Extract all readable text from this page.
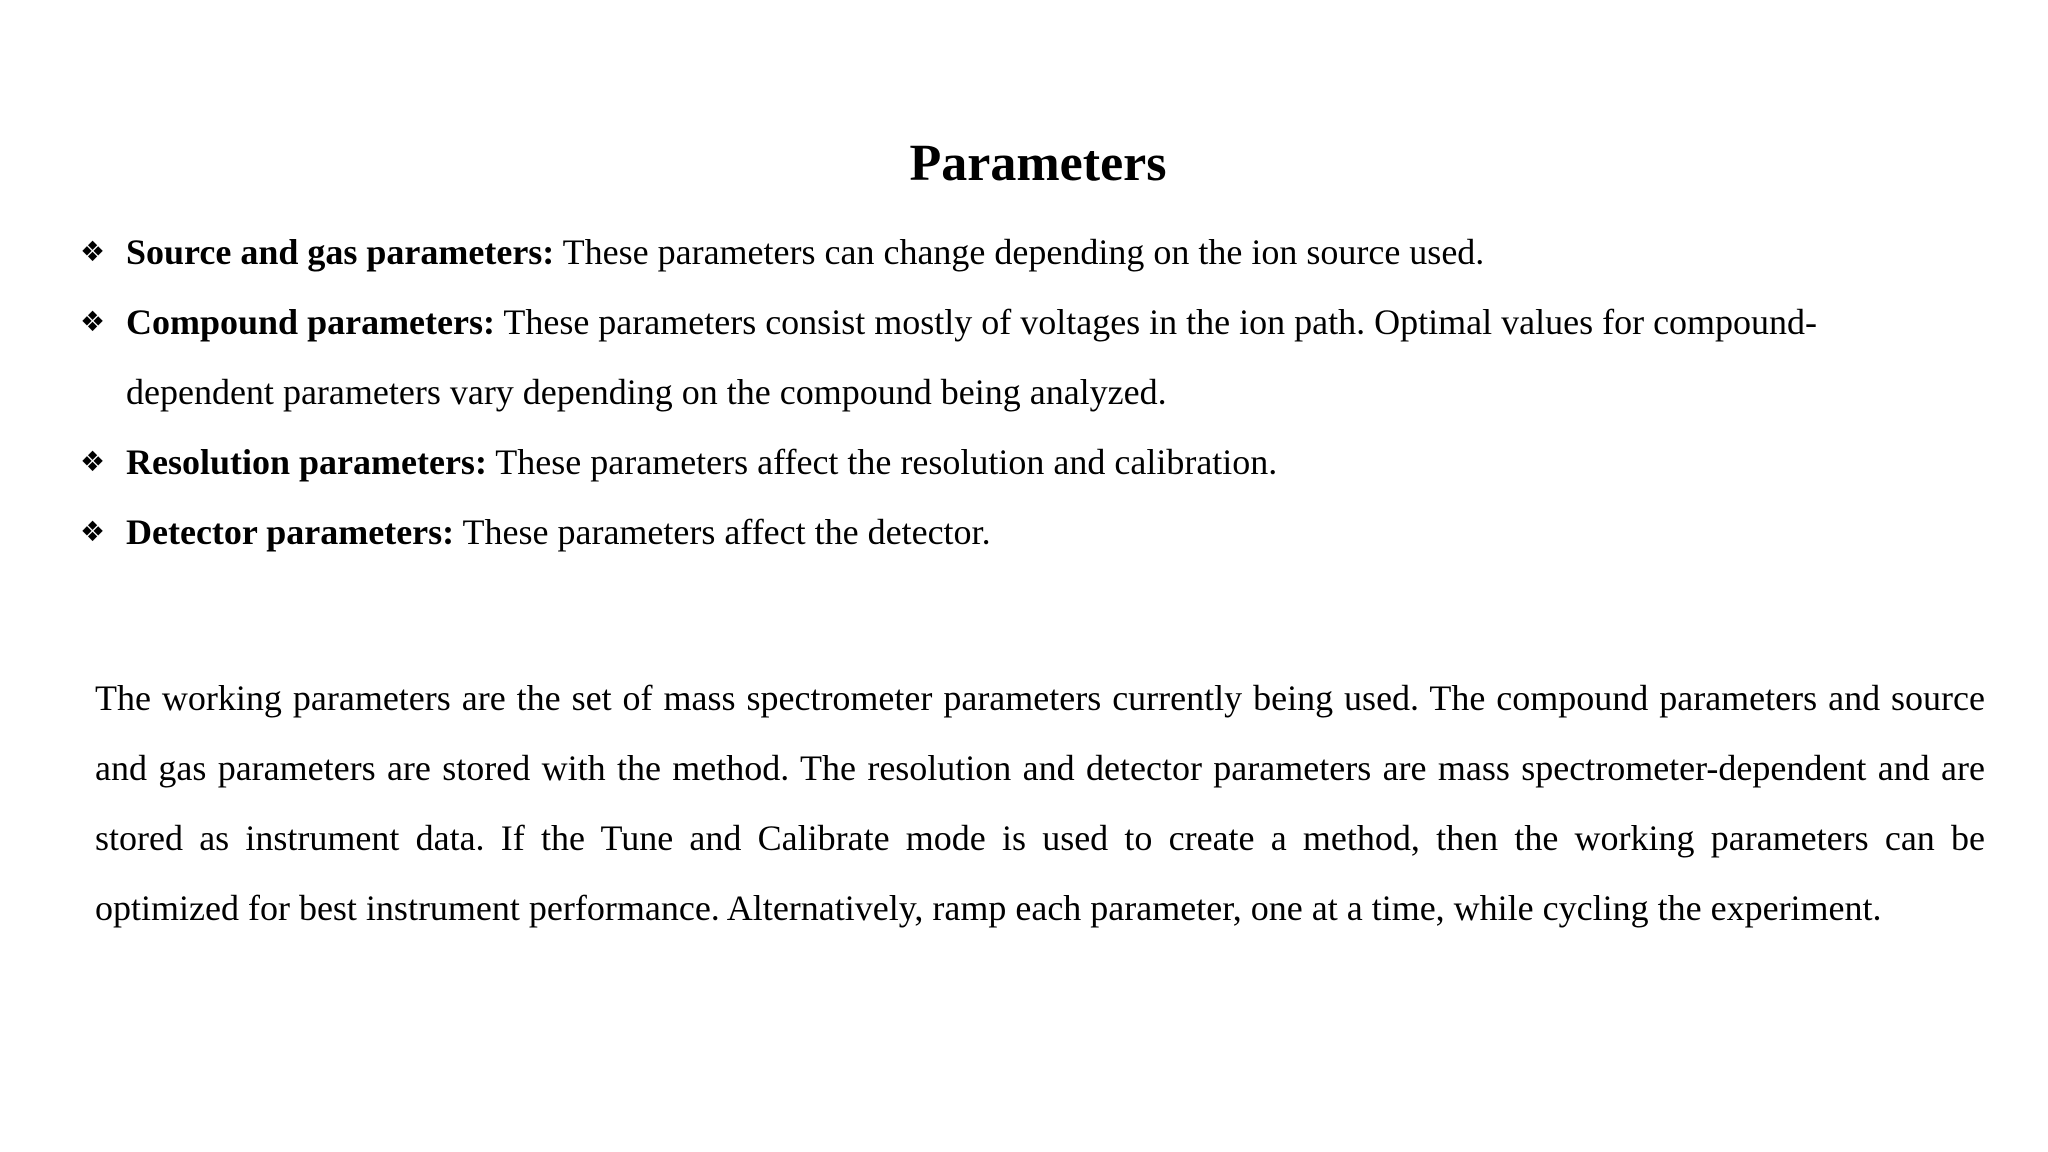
Parameters
❖ Source and gas parameters: These parameters can change depending on the ion source used.
❖ Compound parameters: These parameters consist mostly of voltages in the ion path. Optimal values for compound-dependent parameters vary depending on the compound being analyzed.
❖ Resolution parameters: These parameters affect the resolution and calibration.
❖ Detector parameters: These parameters affect the detector.

The working parameters are the set of mass spectrometer parameters currently being used. The compound parameters and source and gas parameters are stored with the method. The resolution and detector parameters are mass spectrometer-dependent and are stored as instrument data. If the Tune and Calibrate mode is used to create a method, then the working parameters can be optimized for best instrument performance. Alternatively, ramp each parameter, one at a time, while cycling the experiment.
